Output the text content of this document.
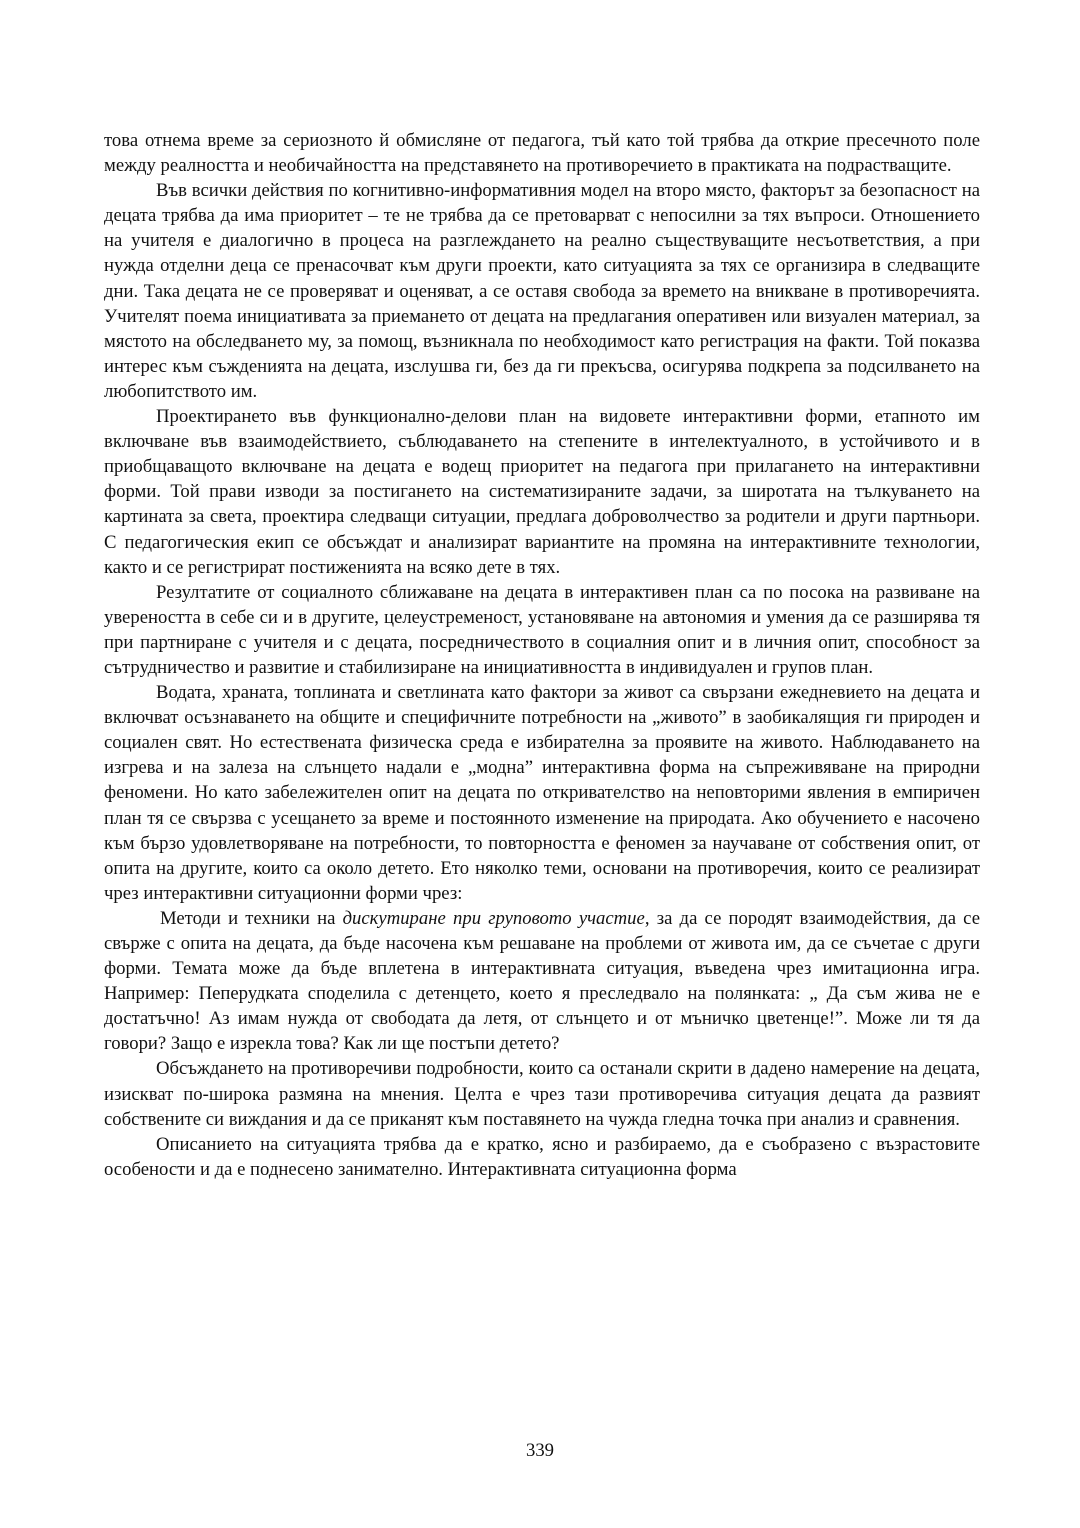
това отнема време за сериозното й обмисляне от педагога, тъй като той трябва да открие пресечното поле между реалността и необичайността на представянето на противоречието в практиката на подрастващите.

Във всички действия по когнитивно-информативния модел на второ място, факторът за безопасност на децата трябва да има приоритет – те не трябва да се претоварват с непосилни за тях въпроси. Отношението на учителя е диалогично в процеса на разглеждането на реално съществуващите несъответствия, а при нужда отделни деца се пренасочват към други проекти, като ситуацията за тях се организира в следващите дни. Така децата не се проверяват и оценяват, а се оставя свобода за времето на вникване в противоречията. Учителят поема инициативата за приемането от децата на предлагания оперативен или визуален материал, за мястото на обследването му, за помощ, възникнала по необходимост като регистрация на факти. Той показва интерес към съжденията на децата, изслушва ги, без да ги прекъсва, осигурява подкрепа за подсилването на любопитството им.

Проектирането във функционално-делови план на видовете интерактивни форми, етапното им включване във взаимодействието, съблюдаването на степените в интелектуалното, в устойчивото и в приобщаващото включване на децата е водещ приоритет на педагога при прилагането на интерактивни форми. Той прави изводи за постигането на систематизираните задачи, за широтата на тълкуването на картината за света, проектира следващи ситуации, предлага доброволчество за родители и други партньори. С педагогическия екип се обсъждат и анализират вариантите на промяна на интерактивните технологии, както и се регистрират постиженията на всяко дете в тях.

Резултатите от социалното сближаване на децата в интерактивен план са по посока на развиване на увереността в себе си и в другите, целеустременост, установяване на автономия и умения да се разширява тя при партниране с учителя и с децата, посредничеството в социалния опит и в личния опит, способност за сътрудничество и развитие и стабилизиране на инициативността в индивидуален и групов план.

Водата, храната, топлината и светлината като фактори за живот са свързани ежедневието на децата и включват осъзнаването на общите и специфичните потребности на „живото” в заобикалящия ги природен и социален свят. Но естествената физическа среда е избирателна за проявите на живото. Наблюдаването на изгрева и на залеза на слънцето надали е „модна” интерактивна форма на съпреживяване на природни феномени. Но като забележителен опит на децата по откривателство на неповторими явления в емпиричен план тя се свързва с усещането за време и постоянното изменение на природата. Ако обучението е насочено към бързо удовлетворяване на потребности, то повторността е феномен за научаване от собствения опит, от опита на другите, които са около детето. Ето няколко теми, основани на противоречия, които се реализират чрез интерактивни ситуационни форми чрез:

Методи и техники на дискутиране при груповото участие, за да се породят взаимодействия, да се свърже с опита на децата, да бъде насочена към решаване на проблеми от живота им, да се съчетае с други форми. Темата може да бъде вплетена в интерактивната ситуация, въведена чрез имитационна игра. Например: Пеперудката споделила с детенцето, което я преследвало на полянката: „ Да съм жива не е достатъчно! Аз имам нужда от свободата да летя, от слънцето и от мъничко цветенце!”. Може ли тя да говори? Защо е изрекла това? Как ли ще постъпи детето?

Обсъждането на противоречиви подробности, които са останали скрити в дадено намерение на децата, изискват по-широка размяна на мнения. Целта е чрез тази противоречива ситуация децата да развият собствените си виждания и да се приканят към поставянето на чужда гледна точка при анализ и сравнения.

Описанието на ситуацията трябва да е кратко, ясно и разбираемо, да е съобразено с възрастовите особености и да е поднесено занимателно. Интерактивната ситуационна форма

339
